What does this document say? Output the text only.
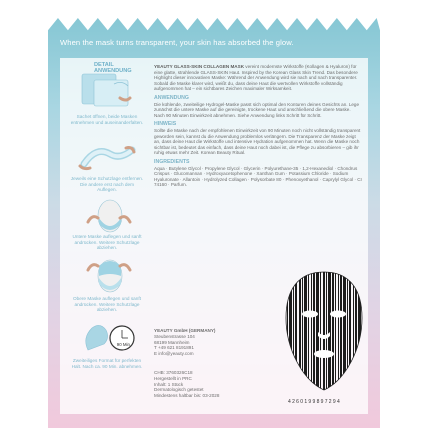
When the mask turns transparent, your skin has absorbed the glow.
DETAIL ANWENDUNG
Sachet öffnen, beide Masken entnehmen und auseinanderfalten.
Jeweils eine Schutzlage entfernen. Die andere erst nach dem Auflegen.
Untere Maske auflegen und sanft andrücken. Weitere Schutzlage abziehen.
Obere Maske auflegen und sanft andrücken. Weitere Schutzlage abziehen.
90 Min.
Zweiteiliges Format für perfekten Halt. Nach ca. 90 Min. abnehmen.

YEAUTY GLASS-SKIN COLLAGEN MASK vereint modernste Wirkstoffe (Kollagen & Hyaluron) für eine glatte, strahlende GLASS-SKIN Haut. Inspired by the Korean Glass Skin Trend. Das besondere Highlight dieser innovativen Maske: Während der Anwendung wird sie nach und nach transparenter. Sobald die Maske klarer wird, weißt du, dass deine Haut die wertvollen Wirkstoffe vollständig aufgenommen hat – ein sichtbares Zeichen maximaler Wirksamkeit.

ANWENDUNG

Die kühlende, zweiteilige Hydrogel-Maske passt sich optimal den Konturen deines Gesichts an. Lege zunächst die untere Maske auf die gereinigte, trockene Haut und anschließend die obere Maske. Nach 90 Minuten Einwirkzeit abnehmen. Siehe Anwendung links Schritt für Schritt.

HINWEIS

Sollte die Maske nach der empfohlenen Einwirkzeit von 90 Minuten noch nicht vollständig transparent geworden sein, kannst du die Anwendung problemlos verlängern. Die Transparenz der Maske zeigt an, dass deine Haut die Wirkstoffe und intensive Hydration aufgenommen hat. Wenn die Maske noch sichtbar ist, bedeutet das einfach, dass deine Haut noch dabei ist, die Pflege zu absorbieren – gib ihr ruhig etwas mehr Zeit. Korean Beauty Ritual.

INGREDIENTS

Aqua · Butylene Glycol · Propylene Glycol · Glycerin · Polyurethane-35 · 1,2-Hexanediol · Chondrus Crispus · Glucomannan · Hydroxyacetophenone · Xanthan Gum · Potassium Chloride · Sodium Hyaluronate · Allantoin · Hydrolyzed Collagen · Polysorbate 80 · Phenoxyethanol · Caprylyl Glycol · CI 74160 · Parfum.

YEAUTY GmbH (GERMANY)
Steubenstrasse 104
68199 Mannheim
T +49 621 8191891
E info@yeauty.com
CHB: 3760326C18
Hergestellt in PRC
Inhalt: 1 Stück
Dermatologisch getestet
Mindestens haltbar bis: 03-2028
4260199897294
